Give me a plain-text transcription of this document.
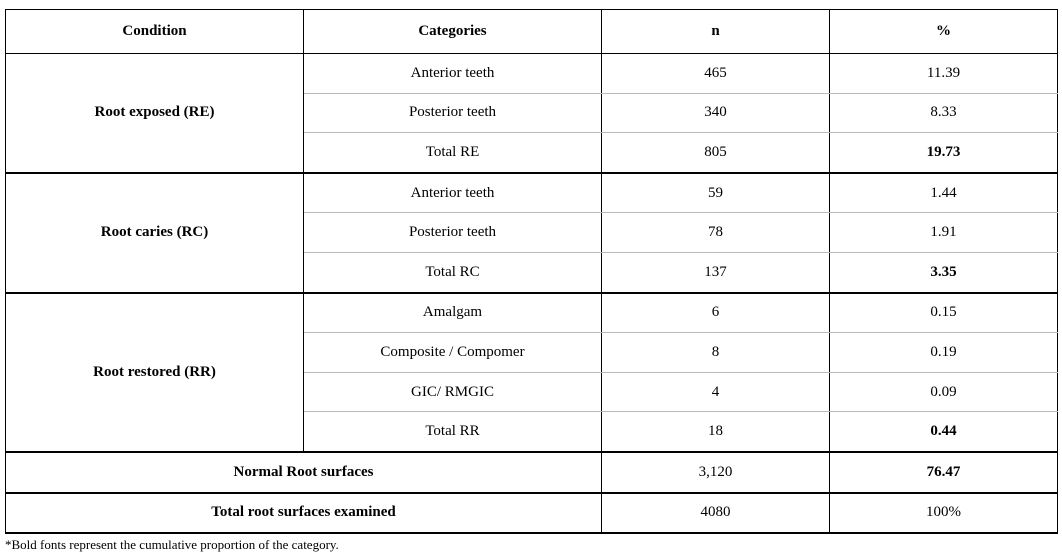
Condition	Categories	n	%
Root exposed (RE)	Anterior teeth	465	11.39
	Posterior teeth	340	8.33
	Total RE	805	19.73
Root caries (RC)	Anterior teeth	59	1.44
	Posterior teeth	78	1.91
	Total RC	137	3.35
Root restored (RR)	Amalgam	6	0.15
	Composite / Compomer	8	0.19
	GIC/ RMGIC	4	0.09
	Total RR	18	0.44
Normal Root surfaces		3,120	76.47
Total root surfaces examined		4080	100%
*Bold fonts represent the cumulative proportion of the category.
